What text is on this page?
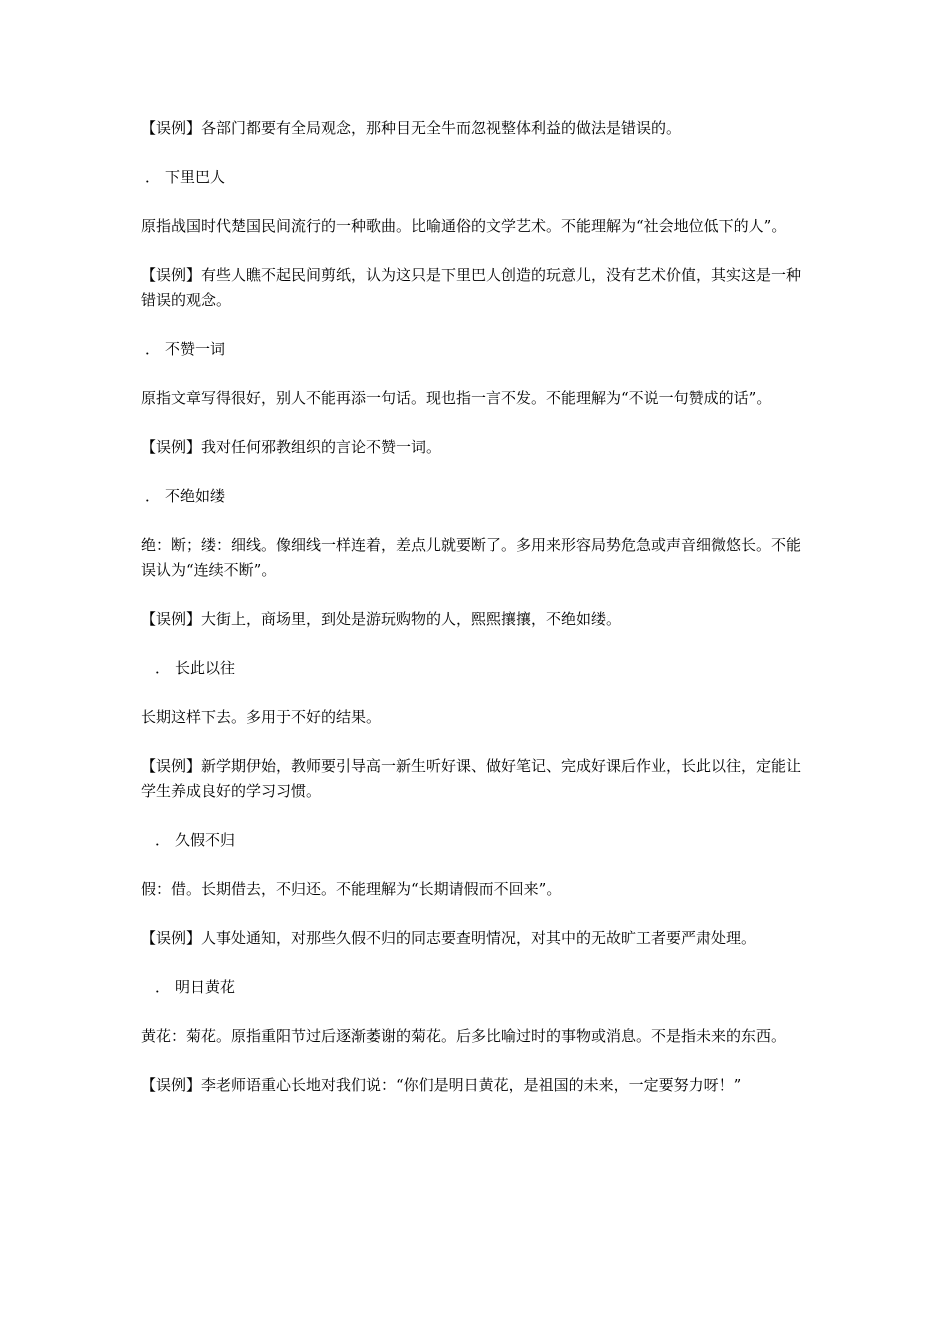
【误例】各部门都要有全局观念，那种目无全牛而忽视整体利益的做法是错误的。

． 下里巴人

原指战国时代楚国民间流行的一种歌曲。比喻通俗的文学艺术。不能理解为“社会地位低下的人”。

【误例】有些人瞧不起民间剪纸，认为这只是下里巴人创造的玩意儿，没有艺术价值，其实这是一种错误的观念。

． 不赞一词

原指文章写得很好，别人不能再添一句话。现也指一言不发。不能理解为“不说一句赞成的话”。

【误例】我对任何邪教组织的言论不赞一词。

． 不绝如缕

绝：断；缕：细线。像细线一样连着，差点儿就要断了。多用来形容局势危急或声音细微悠长。不能误认为“连续不断”。

【误例】大街上，商场里，到处是游玩购物的人，熙熙攘攘，不绝如缕。

． 长此以往

长期这样下去。多用于不好的结果。

【误例】新学期伊始，教师要引导高一新生听好课、做好笔记、完成好课后作业，长此以往，定能让学生养成良好的学习习惯。

． 久假不归

假：借。长期借去，不归还。不能理解为“长期请假而不回来”。

【误例】人事处通知，对那些久假不归的同志要查明情况，对其中的无故旷工者要严肃处理。

． 明日黄花

黄花：菊花。原指重阳节过后逐渐萎谢的菊花。后多比喻过时的事物或消息。不是指未来的东西。

【误例】李老师语重心长地对我们说：“你们是明日黄花，是祖国的未来，一定要努力呀！”
